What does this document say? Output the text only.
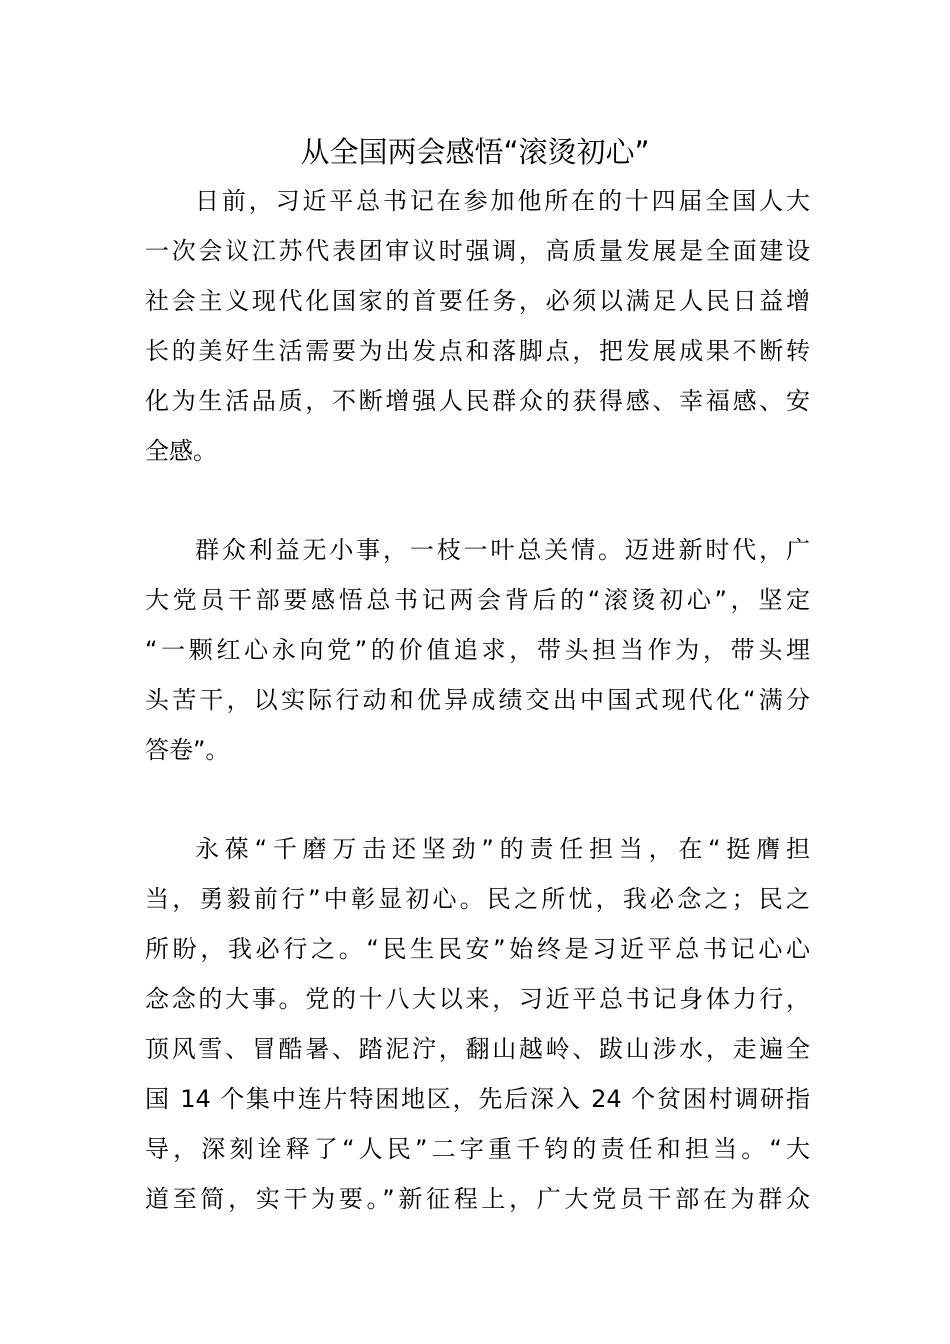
从全国两会感悟“滚烫初心”
日前，习近平总书记在参加他所在的十四届全国人大
一次会议江苏代表团审议时强调，高质量发展是全面建设
社会主义现代化国家的首要任务，必须以满足人民日益增
长的美好生活需要为出发点和落脚点，把发展成果不断转
化为生活品质，不断增强人民群众的获得感、幸福感、安
全感。
群众利益无小事，一枝一叶总关情。迈进新时代，广
大党员干部要感悟总书记两会背后的“滚烫初心”，坚定
“一颗红心永向党”的价值追求，带头担当作为，带头埋
头苦干，以实际行动和优异成绩交出中国式现代化“满分
答卷”。
永葆“千磨万击还坚劲”的责任担当，在“挺膺担
当，勇毅前行”中彰显初心。民之所忧，我必念之；民之
所盼，我必行之。“民生民安”始终是习近平总书记心心
念念的大事。党的十八大以来，习近平总书记身体力行，
顶风雪、冒酷暑、踏泥泞，翻山越岭、跋山涉水，走遍全
国 14 个集中连片特困地区，先后深入 24 个贫困村调研指
导，深刻诠释了“人民”二字重千钧的责任和担当。“大
道至简，实干为要。”新征程上，广大党员干部在为群众
